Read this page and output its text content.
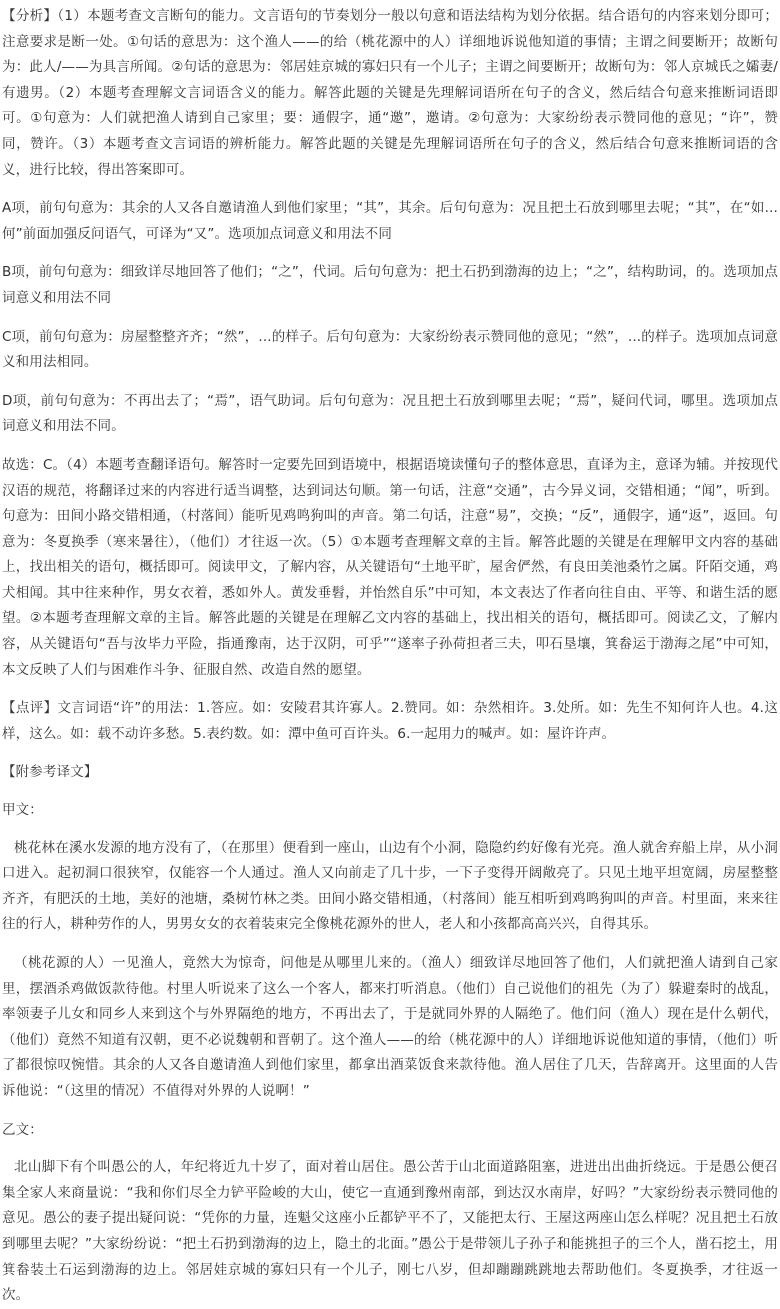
【分析】（1）本题考查文言断句的能力。文言语句的节奏划分一般以句意和语法结构为划分依据。结合语句的内容来划分即可；注意要求是断一处。①句话的意思为：这个渔人——的给（桃花源中的人）详细地诉说他知道的事情；主谓之间要断开；故断句为：此人/——为具言所闻。②句话的意思为：邻居娃京城的寡妇只有一个儿子；主谓之间要断开；故断句为：邻人京城氏之孀妻/有遗男。（2）本题考查理解文言词语含义的能力。解答此题的关键是先理解词语所在句子的含义，然后结合句意来推断词语即可。①句意为：人们就把渔人请到自己家里；要：通假字，通“邀”，邀请。②句意为：大家纷纷表示赞同他的意见；“许”，赞同，赞许。（3）本题考查文言词语的辨析能力。解答此题的关键是先理解词语所在句子的含义，然后结合句意来推断词语的含义，进行比较，得出答案即可。

A项，前句句意为：其余的人又各自邀请渔人到他们家里；“其”，其余。后句句意为：况且把土石放到哪里去呢；“其”，在“如...何”前面加强反问语气，可译为“又”。选项加点词意义和用法不同

B项，前句句意为：细致详尽地回答了他们；“之”，代词。后句句意为：把土石扔到渤海的边上；“之”，结构助词，的。选项加点词意义和用法不同

C项，前句句意为：房屋整整齐齐；“然”，...的样子。后句句意为：大家纷纷表示赞同他的意见；“然”，...的样子。选项加点词意义和用法相同。

D项，前句句意为：不再出去了；“焉”，语气助词。后句句意为：况且把土石放到哪里去呢；“焉”，疑问代词，哪里。选项加点词意义和用法不同。

故选：C。（4）本题考查翻译语句。解答时一定要先回到语境中，根据语境读懂句子的整体意思，直译为主，意译为辅。并按现代汉语的规范，将翻译过来的内容进行适当调整，达到词达句顺。第一句话，注意“交通”，古今异义词，交错相通；“闻”，听到。句意为：田间小路交错相通，（村落间）能听见鸡鸣狗叫的声音。第二句话，注意“易”，交换；“反”，通假字，通“返”，返回。句意为：冬夏换季（寒来暑往），（他们）才往返一次。（5）①本题考查理解文章的主旨。解答此题的关键是在理解甲文内容的基础上，找出相关的语句，概括即可。阅读甲文，了解内容，从关键语句“土地平旷，屋舍俨然，有良田美池桑竹之属。阡陌交通，鸡犬相闻。其中往来种作，男女衣着，悉如外人。黄发垂髫，并怡然自乐”中可知，本文表达了作者向往自由、平等、和谐生活的愿望。②本题考查理解文章的主旨。解答此题的关键是在理解乙文内容的基础上，找出相关的语句，概括即可。阅读乙文，了解内容，从关键语句“吾与汝毕力平险，指通豫南，达于汉阴，可乎”“遂率子孙荷担者三夫，叩石垦壤，箕畚运于渤海之尾”中可知，本文反映了人们与困难作斗争、征服自然、改造自然的愿望。

【点评】文言词语“许”的用法：1.答应。如：安陵君其许寡人。2.赞同。如：杂然相许。3.处所。如：先生不知何许人也。4.这样，这么。如：载不动许多愁。5.表约数。如：潭中鱼可百许头。6.一起用力的喊声。如：屋许许声。

【附参考译文】

甲文：

桃花林在溪水发源的地方没有了，（在那里）便看到一座山，山边有个小洞，隐隐约约好像有光亮。渔人就舍弃船上岸，从小洞口进入。起初洞口很狭窄，仅能容一个人通过。渔人又向前走了几十步，一下子变得开阔敞亮了。只见土地平坦宽阔，房屋整整齐齐，有肥沃的土地，美好的池塘，桑树竹林之类。田间小路交错相通，（村落间）能互相听到鸡鸣狗叫的声音。村里面，来来往往的行人，耕种劳作的人，男男女女的衣着装束完全像桃花源外的世人，老人和小孩都高高兴兴，自得其乐。

（桃花源的人）一见渔人，竟然大为惊奇，问他是从哪里儿来的。（渔人）细致详尽地回答了他们，人们就把渔人请到自己家里，摆酒杀鸡做饭款待他。村里人听说来了这么一个客人，都来打听消息。（他们）自己说他们的祖先（为了）躲避秦时的战乱，率领妻子儿女和同乡人来到这个与外界隔绝的地方，不再出去了，于是就同外界的人隔绝了。他们问（渔人）现在是什么朝代，（他们）竟然不知道有汉朝，更不必说魏朝和晋朝了。这个渔人——的给（桃花源中的人）详细地诉说他知道的事情，（他们）听了都很惊叹惋惜。其余的人又各自邀请渔人到他们家里，都拿出酒菜饭食来款待他。渔人居住了几天，告辞离开。这里面的人告诉他说：“（这里的情况）不值得对外界的人说啊！”

乙文：

北山脚下有个叫愚公的人，年纪将近九十岁了，面对着山居住。愚公苦于山北面道路阻塞，进进出出曲折绕远。于是愚公便召集全家人来商量说：“我和你们尽全力铲平险峻的大山，使它一直通到豫州南部，到达汉水南岸，好吗？”大家纷纷表示赞同他的意见。愚公的妻子提出疑问说：“凭你的力量，连魁父这座小丘都铲平不了，又能把太行、王屋这两座山怎么样呢？况且把土石放到哪里去呢？”大家纷纷说：“把土石扔到渤海的边上，隐土的北面。”愚公于是带领儿子孙子和能挑担子的三个人，凿石挖土，用箕畚装土石运到渤海的边上。邻居娃京城的寡妇只有一个儿子，刚七八岁，但却蹦蹦跳跳地去帮助他们。冬夏换季，才往返一次。
